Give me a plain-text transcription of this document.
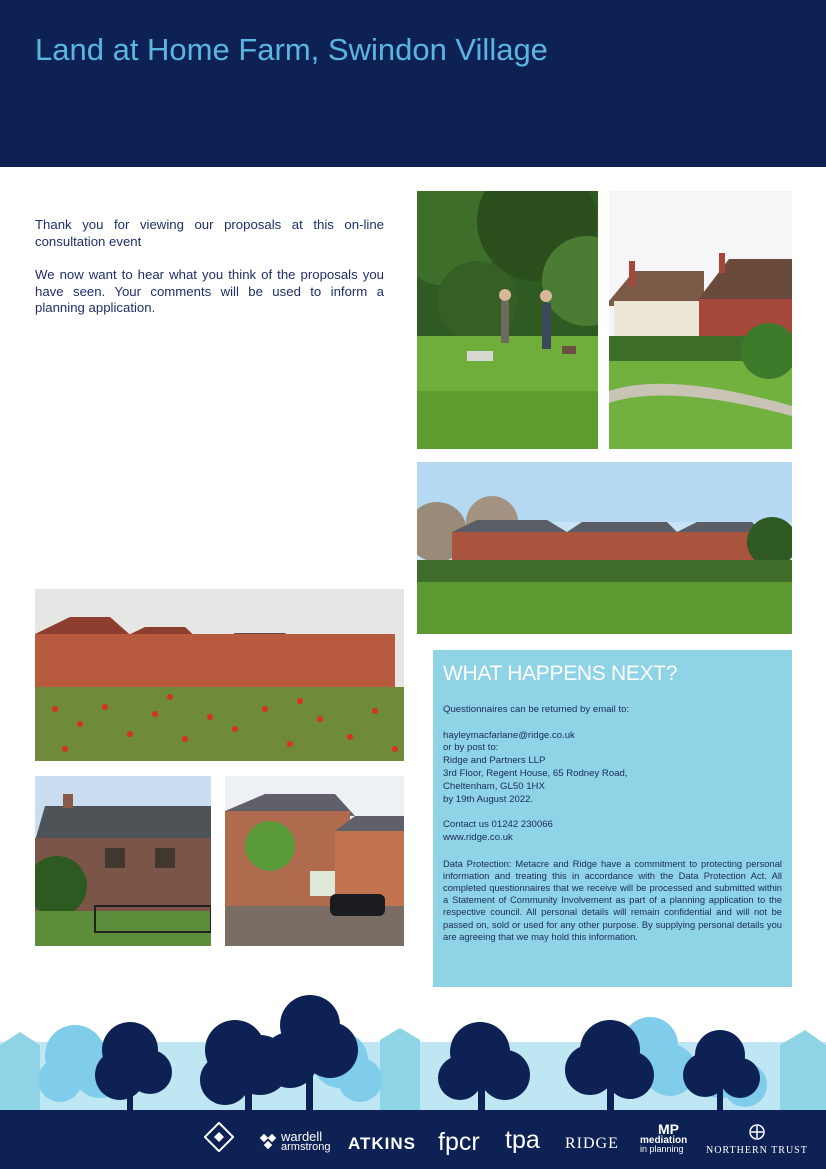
Land at Home Farm, Swindon Village

Thank you for viewing our proposals at this on-line consultation event

We now want to hear what you think of the proposals you have seen. Your comments will be used to inform a planning application.

WHAT HAPPENS NEXT?
Questionnaires can be returned by email to:
hayleymacfarlane@ridge.co.uk
or by post to:
Ridge and Partners LLP
3rd Floor, Regent House, 65 Rodney Road,
Cheltenham, GL50 1HX
by 19th August 2022.
Contact us 01242 230066
www.ridge.co.uk
Data Protection: Metacre and Ridge have a commitment to protecting personal information and treating this in accordance with the Data Protection Act. All completed questionnaires that we receive will be processed and submitted within a Statement of Community Involvement as part of a planning application to the respective council. All personal details will remain confidential and will not be passed on, sold or used for any other purpose. By supplying personal details you are agreeing that we may hold this information.
wardell
armstrong ATKINS fpcr tpa RIDGE
MP
mediation
in planning	NORTHERN TRUST
